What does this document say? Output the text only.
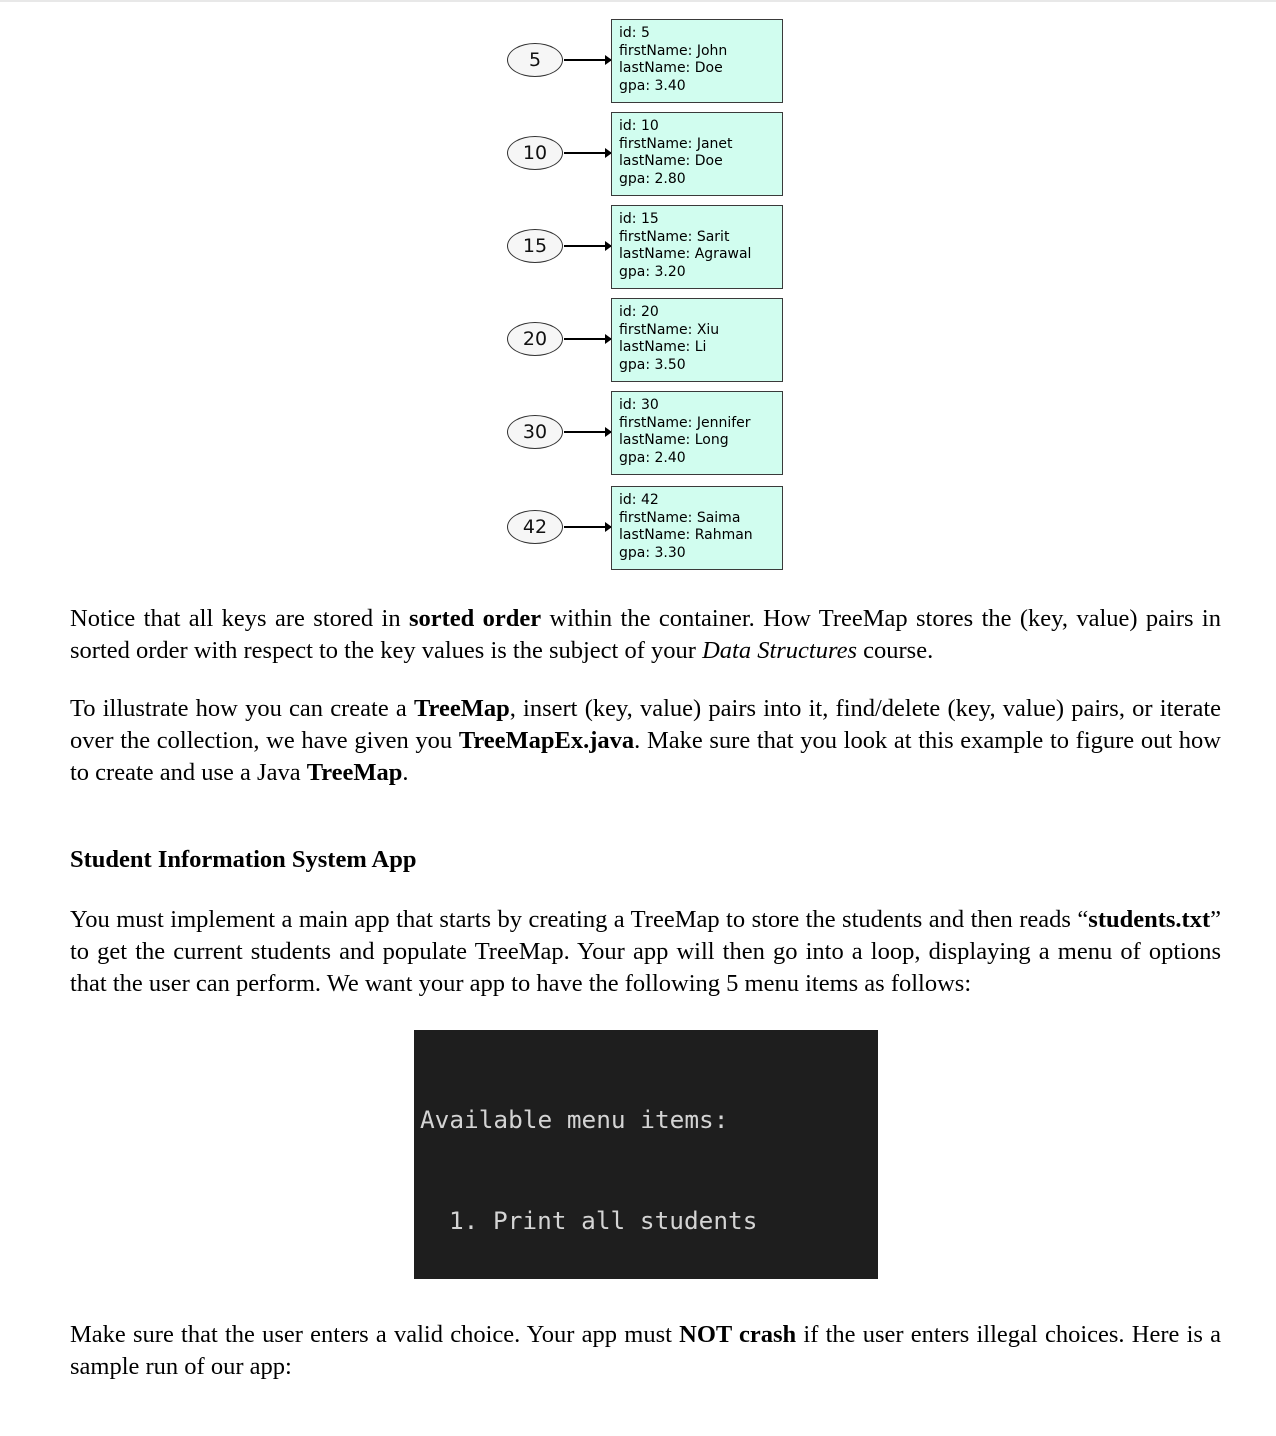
5
id: 5
firstName: John
lastName: Doe
gpa: 3.40
10
id: 10
firstName: Janet
lastName: Doe
gpa: 2.80
15
id: 15
firstName: Sarit
lastName: Agrawal
gpa: 3.20
20
id: 20
firstName: Xiu
lastName: Li
gpa: 3.50
30
id: 30
firstName: Jennifer
lastName: Long
gpa: 2.40
42
id: 42
firstName: Saima
lastName: Rahman
gpa: 3.30
Notice that all keys are stored in sorted order within the container. How TreeMap stores the (key, value) pairs in sorted order with respect to the key values is the subject of your Data Structures course.
To illustrate how you can create a TreeMap, insert (key, value) pairs into it, find/delete (key, value) pairs, or iterate over the collection, we have given you TreeMapEx.java. Make sure that you look at this example to figure out how to create and use a Java TreeMap.
Student Information System App
You must implement a main app that starts by creating a TreeMap to store the students and then reads “students.txt” to get the current students and populate TreeMap. Your app will then go into a loop, displaying a menu of options that the user can perform. We want your app to have the following 5 menu items as follows:

Available menu items:

1. Print all students

Make sure that the user enters a valid choice. Your app must NOT crash if the user enters illegal choices. Here is a sample run of our app:
